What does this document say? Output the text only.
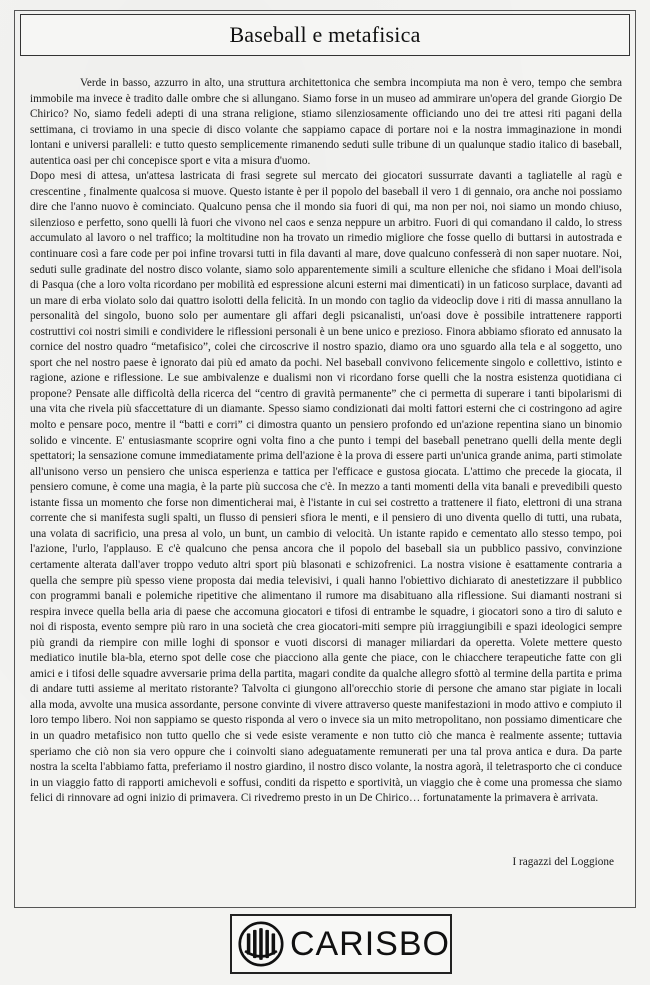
Baseball e metafisica

Verde in basso, azzurro in alto, una struttura architettonica che sembra incompiuta ma non è vero, tempo che sembra immobile ma invece è tradito dalle ombre che si allungano. Siamo forse in un museo ad ammirare un'opera del grande Giorgio De Chirico? No, siamo fedeli adepti di una strana religione, stiamo silenziosamente officiando uno dei tre attesi riti pagani della settimana, ci troviamo in una specie di disco volante che sappiamo capace di portare noi e la nostra immaginazione in mondi lontani e universi paralleli: e tutto questo semplicemente rimanendo seduti sulle tribune di un qualunque stadio italico di baseball, autentica oasi per chi concepisce sport e vita a misura d'uomo.

Dopo mesi di attesa, un'attesa lastricata di frasi segrete sul mercato dei giocatori sussurrate davanti a tagliatelle al ragù e crescentine , finalmente qualcosa si muove. Questo istante è per il popolo del baseball il vero 1 di gennaio, ora anche noi possiamo dire che l'anno nuovo è cominciato. Qualcuno pensa che il mondo sia fuori di qui, ma non per noi, noi siamo un mondo chiuso, silenzioso e perfetto, sono quelli là fuori che vivono nel caos e senza neppure un arbitro. Fuori di qui comandano il caldo, lo stress accumulato al lavoro o nel traffico; la moltitudine non ha trovato un rimedio migliore che fosse quello di buttarsi in autostrada e continuare così a fare code per poi infine trovarsi tutti in fila davanti al mare, dove qualcuno confesserà di non saper nuotare. Noi, seduti sulle gradinate del nostro disco volante, siamo solo apparentemente simili a sculture elleniche che sfidano i Moai dell'isola di Pasqua (che a loro volta ricordano per mobilità ed espressione alcuni esterni mai dimenticati) in un faticoso surplace, davanti ad un mare di erba violato solo dai quattro isolotti della felicità. In un mondo con taglio da videoclip dove i riti di massa annullano la personalità del singolo, buono solo per aumentare gli affari degli psicanalisti, un'oasi dove è possibile intrattenere rapporti costruttivi coi nostri simili e condividere le riflessioni personali è un bene unico e prezioso. Finora abbiamo sfiorato ed annusato la cornice del nostro quadro “metafisico”, colei che circoscrive il nostro spazio, diamo ora uno sguardo alla tela e al soggetto, uno sport che nel nostro paese è ignorato dai più ed amato da pochi. Nel baseball convivono felicemente singolo e collettivo, istinto e ragione, azione e riflessione. Le sue ambivalenze e dualismi non vi ricordano forse quelli che la nostra esistenza quotidiana ci propone? Pensate alle difficoltà della ricerca del “centro di gravità permanente” che ci permetta di superare i tanti bipolarismi di una vita che rivela più sfaccettature di un diamante. Spesso siamo condizionati dai molti fattori esterni che ci costringono ad agire molto e pensare poco, mentre il “batti e corri” ci dimostra quanto un pensiero profondo ed un'azione repentina siano un binomio solido e vincente. E' entusiasmante scoprire ogni volta fino a che punto i tempi del baseball penetrano quelli della mente degli spettatori; la sensazione comune immediatamente prima dell'azione è la prova di essere parti un'unica grande anima, parti stimolate all'unisono verso un pensiero che unisca esperienza e tattica per l'efficace e gustosa giocata. L'attimo che precede la giocata, il pensiero comune, è come una magia, è la parte più succosa che c'è. In mezzo a tanti momenti della vita banali e prevedibili questo istante fissa un momento che forse non dimenticherai mai, è l'istante in cui sei costretto a trattenere il fiato, elettroni di una strana corrente che si manifesta sugli spalti, un flusso di pensieri sfiora le menti, e il pensiero di uno diventa quello di tutti, una rubata, una volata di sacrificio, una presa al volo, un bunt, un cambio di velocità. Un istante rapido e cementato allo stesso tempo, poi l'azione, l'urlo, l'applauso. E c'è qualcuno che pensa ancora che il popolo del baseball sia un pubblico passivo, convinzione certamente alterata dall'aver troppo veduto altri sport più blasonati e schizofrenici. La nostra visione è esattamente contraria a quella che sempre più spesso viene proposta dai media televisivi, i quali hanno l'obiettivo dichiarato di anestetizzare il pubblico con programmi banali e polemiche ripetitive che alimentano il rumore ma disabituano alla riflessione. Sui diamanti nostrani si respira invece quella bella aria di paese che accomuna giocatori e tifosi di entrambe le squadre, i giocatori sono a tiro di saluto e noi di risposta, evento sempre più raro in una società che crea giocatori-miti sempre più irraggiungibili e spazi ideologici sempre più grandi da riempire con mille loghi di sponsor e vuoti discorsi di manager miliardari da operetta. Volete mettere questo mediatico inutile bla-bla, eterno spot delle cose che piacciono alla gente che piace, con le chiacchere terapeutiche fatte con gli amici e i tifosi delle squadre avversarie prima della partita, magari condite da qualche allegro sfottò al termine della partita e prima di andare tutti assieme al meritato ristorante? Talvolta ci giungono all'orecchio storie di persone che amano star pigiate in locali alla moda, avvolte una musica assordante, persone convinte di vivere attraverso queste manifestazioni in modo attivo e compiuto il loro tempo libero. Noi non sappiamo se questo risponda al vero o invece sia un mito metropolitano, non possiamo dimenticare che in un quadro metafisico non tutto quello che si vede esiste veramente e non tutto ciò che manca è realmente assente; tuttavia speriamo che ciò non sia vero oppure che i coinvolti siano adeguatamente remunerati per una tal prova antica e dura. Da parte nostra la scelta l'abbiamo fatta, preferiamo il nostro giardino, il nostro disco volante, la nostra agorà, il teletrasporto che ci conduce in un viaggio fatto di rapporti amichevoli e soffusi, conditi da rispetto e sportività, un viaggio che è come una promessa che siamo felici di rinnovare ad ogni inizio di primavera. Ci rivedremo presto in un De Chirico… fortunatamente la primavera è arrivata.

I ragazzi del Loggione
CARISBO
